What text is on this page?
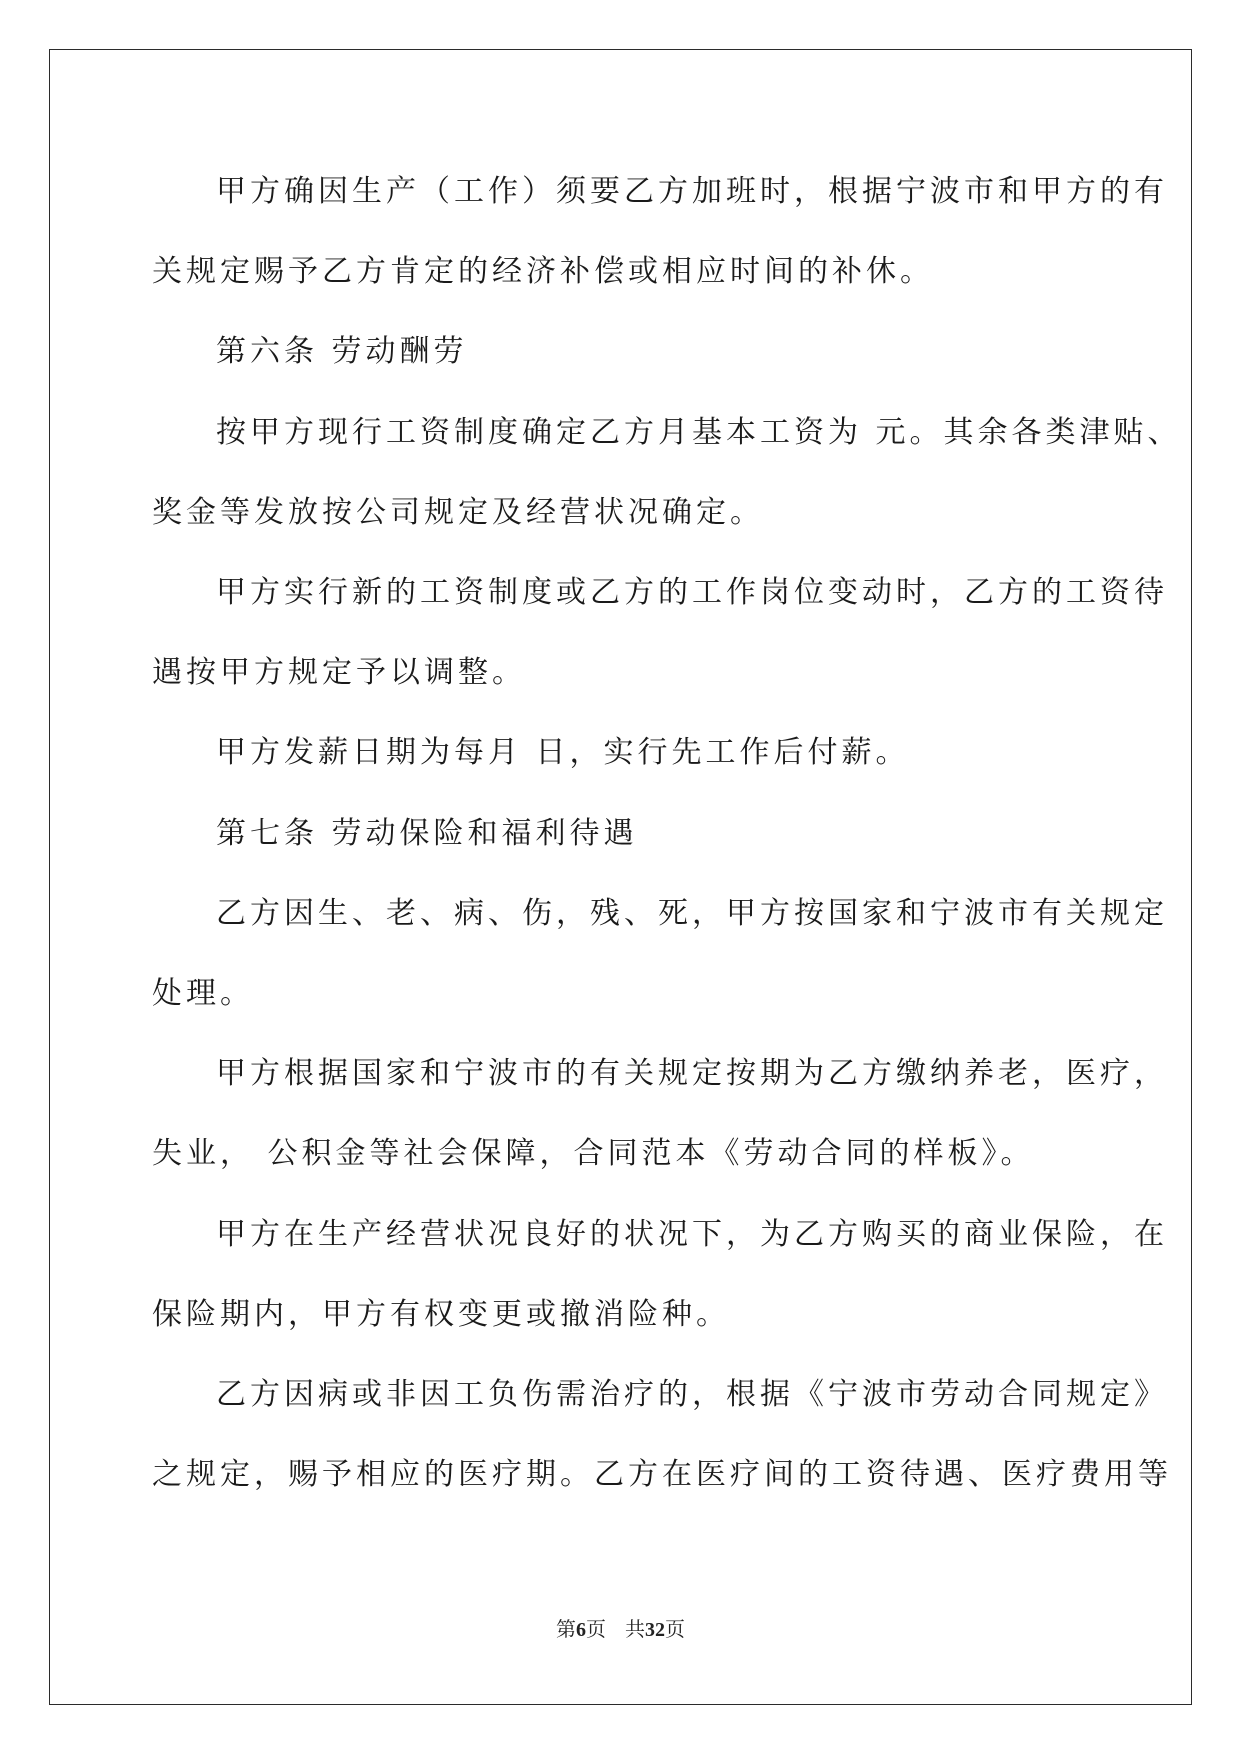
甲方确因生产（工作）须要乙方加班时，根据宁波市和甲方的有
关规定赐予乙方肯定的经济补偿或相应时间的补休。
第六条 劳动酬劳
按甲方现行工资制度确定乙方月基本工资为 元。其余各类津贴、
奖金等发放按公司规定及经营状况确定。
甲方实行新的工资制度或乙方的工作岗位变动时，乙方的工资待
遇按甲方规定予以调整。
甲方发薪日期为每月 日，实行先工作后付薪。
第七条 劳动保险和福利待遇
乙方因生、老、病、伤，残、死，甲方按国家和宁波市有关规定
处理。
甲方根据国家和宁波市的有关规定按期为乙方缴纳养老，医疗，
失业， 公积金等社会保障，合同范本《劳动合同的样板》。
甲方在生产经营状况良好的状况下，为乙方购买的商业保险，在
保险期内，甲方有权变更或撤消险种。
乙方因病或非因工负伤需治疗的，根据《宁波市劳动合同规定》
之规定，赐予相应的医疗期。乙方在医疗间的工资待遇、医疗费用等
第6页 共32页
